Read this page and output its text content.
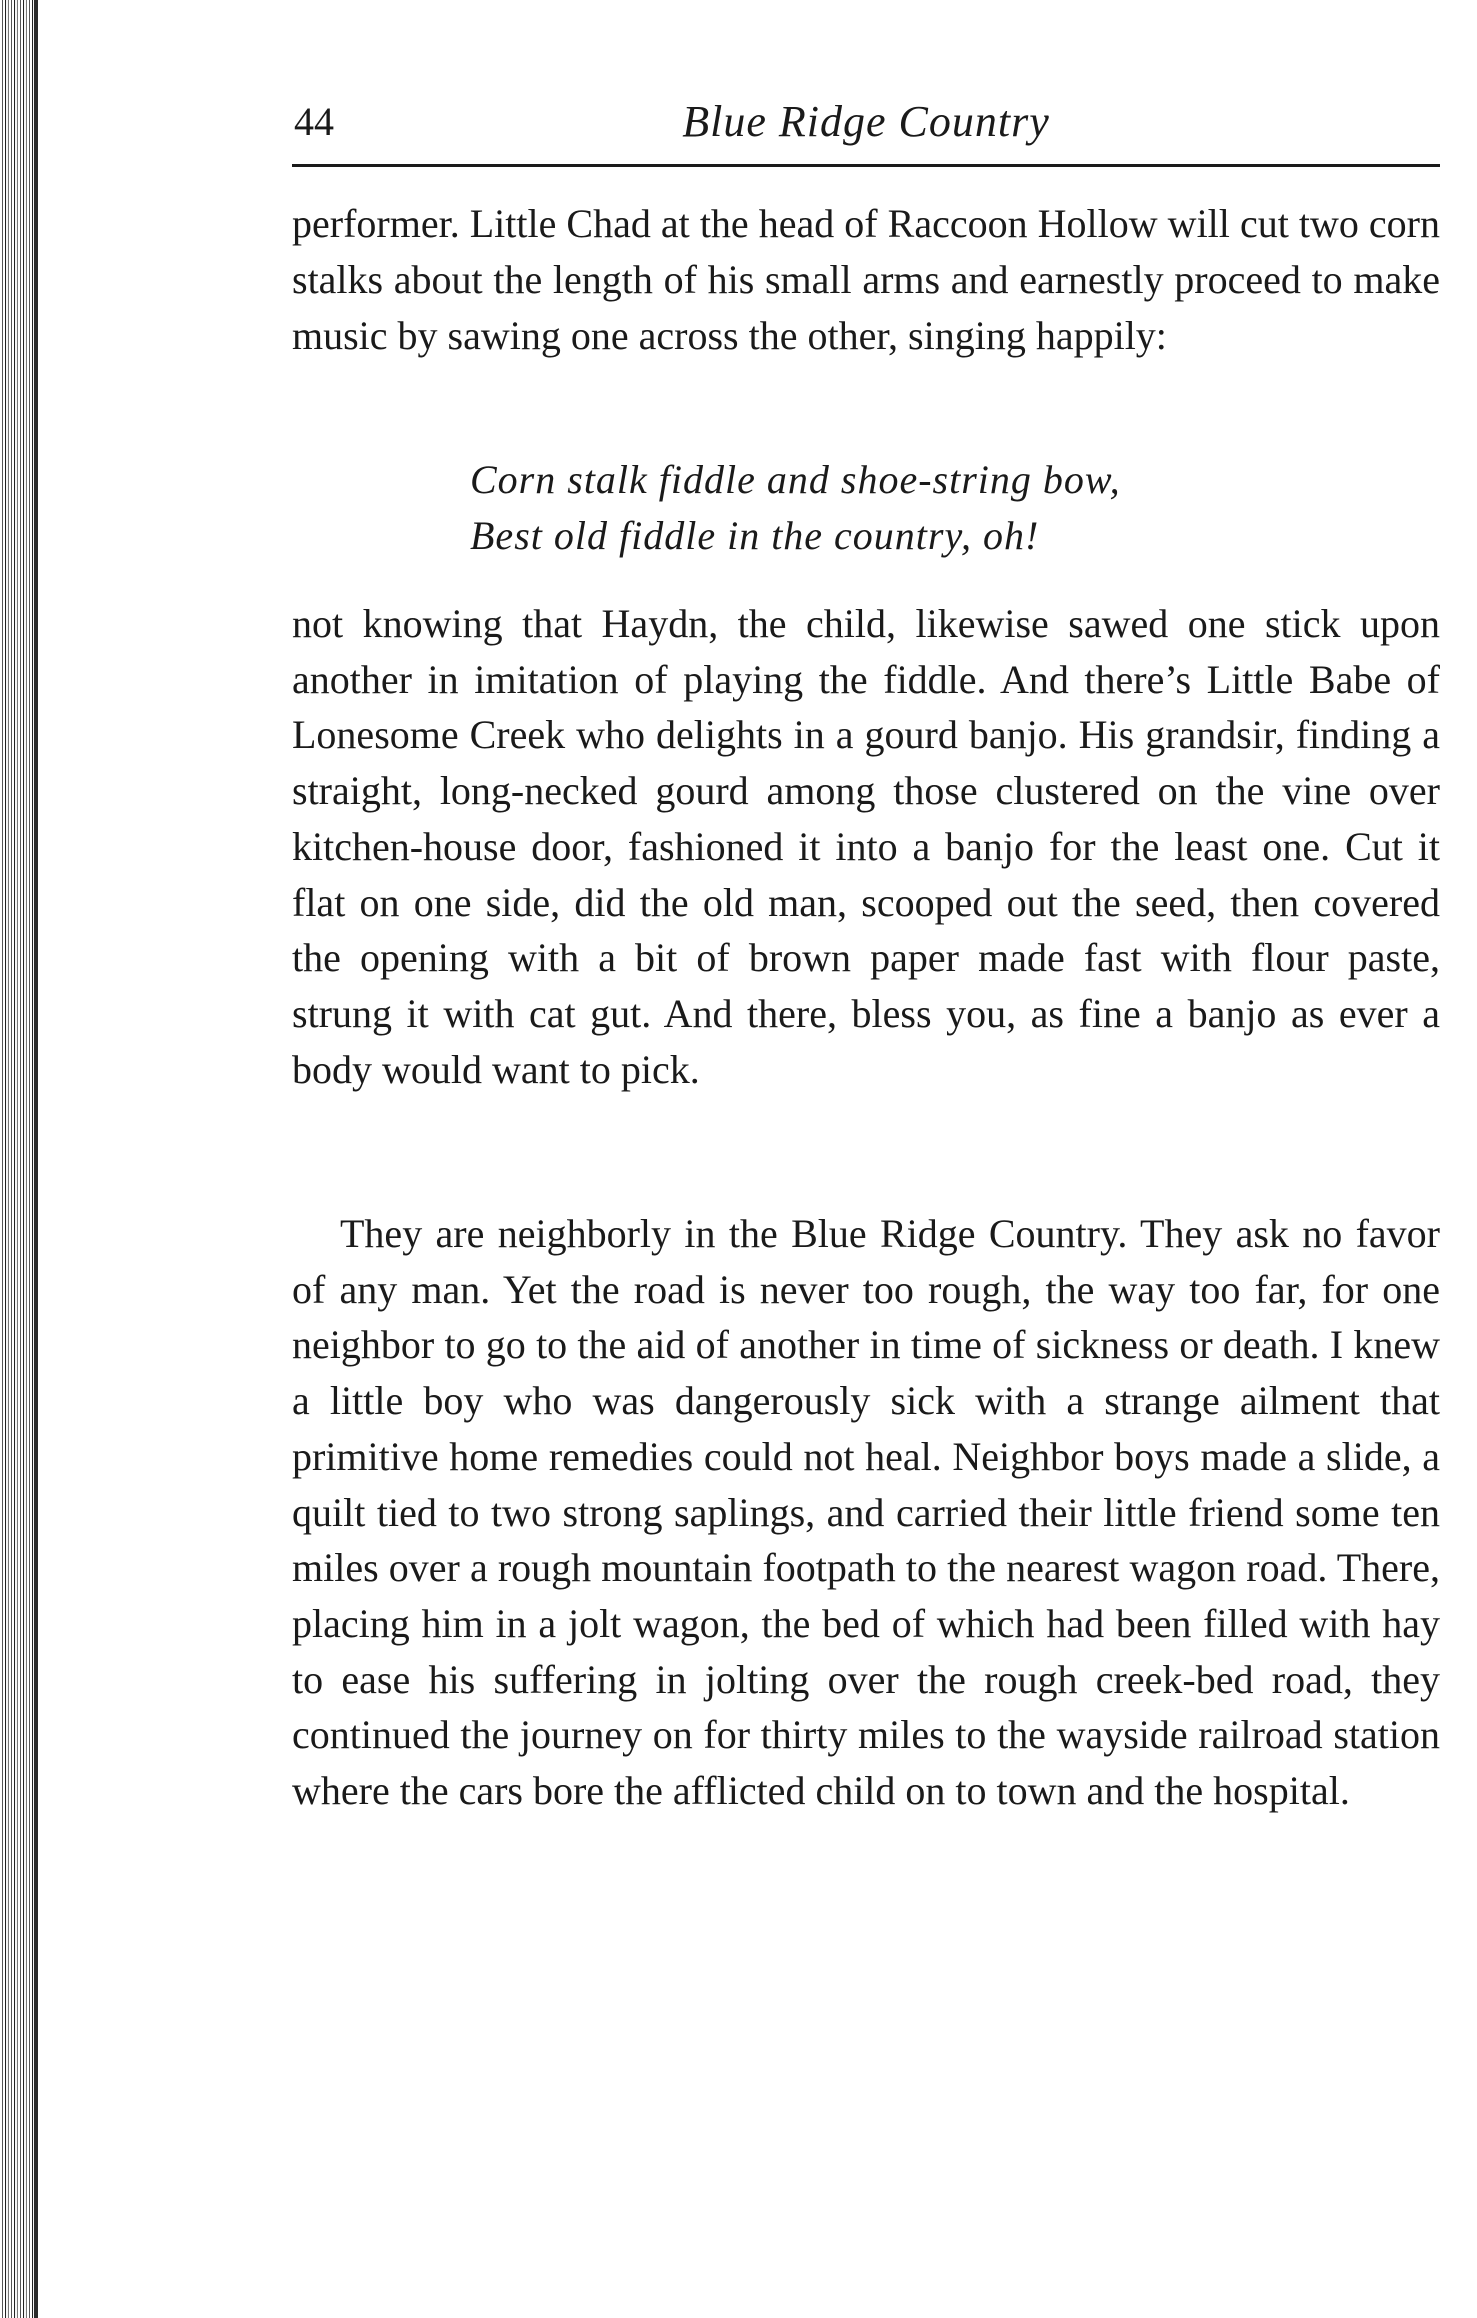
44	Blue Ridge Country

performer. Little Chad at the head of Raccoon Hollow will cut two corn stalks about the length of his small arms and earnestly proceed to make music by sawing one across the other, singing happily:

Corn stalk fiddle and shoe-string bow,
Best old fiddle in the country, oh!

not knowing that Haydn, the child, likewise sawed one stick upon another in imitation of playing the fiddle. And there’s Little Babe of Lonesome Creek who delights in a gourd banjo. His grandsir, finding a straight, long-necked gourd among those clustered on the vine over kitchen-house door, fashioned it into a banjo for the least one. Cut it flat on one side, did the old man, scooped out the seed, then covered the opening with a bit of brown paper made fast with flour paste, strung it with cat gut. And there, bless you, as fine a banjo as ever a body would want to pick.

They are neighborly in the Blue Ridge Country. They ask no favor of any man. Yet the road is never too rough, the way too far, for one neighbor to go to the aid of another in time of sickness or death. I knew a little boy who was dangerously sick with a strange ailment that primitive home remedies could not heal. Neighbor boys made a slide, a quilt tied to two strong saplings, and carried their little friend some ten miles over a rough mountain footpath to the nearest wagon road. There, placing him in a jolt wagon, the bed of which had been filled with hay to ease his suffering in jolting over the rough creek-bed road, they continued the journey on for thirty miles to the wayside railroad station where the cars bore the afflicted child on to town and the hospital.
